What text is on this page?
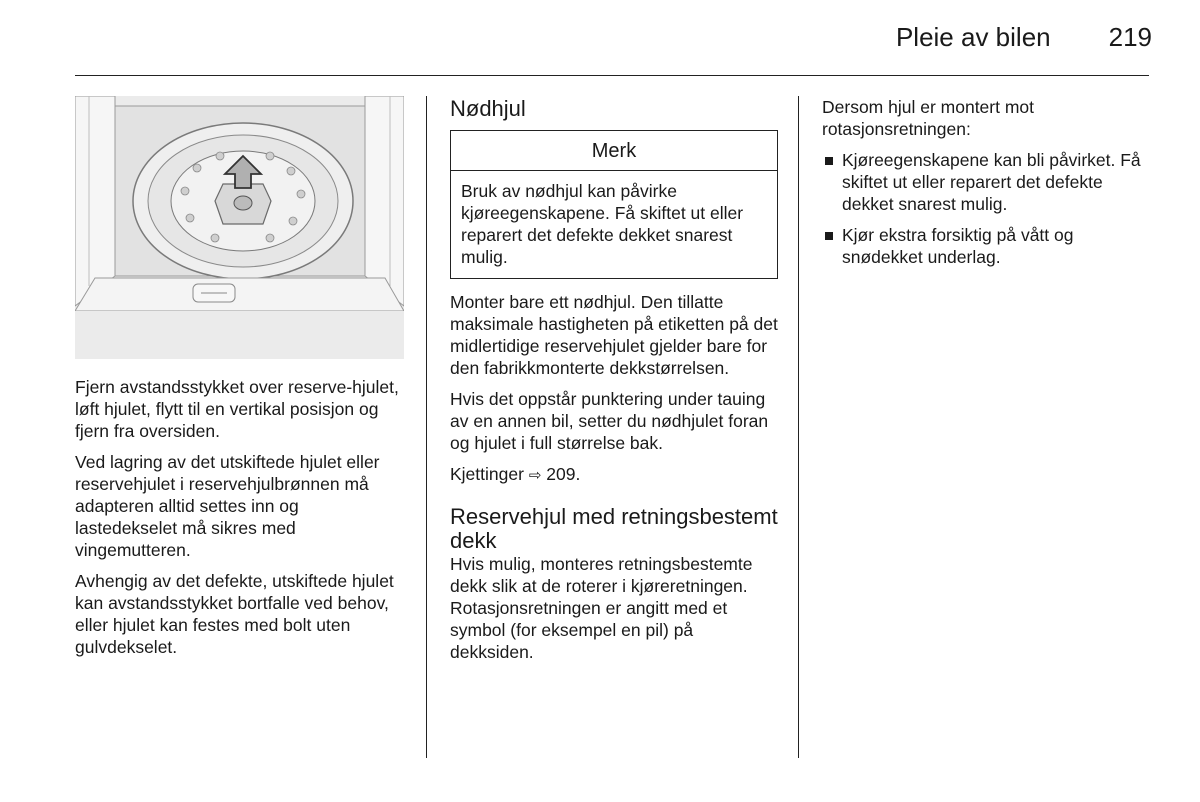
Pleie av bilen 219

Fjern avstandsstykket over reserve-hjulet, løft hjulet, flytt til en vertikal posisjon og fjern fra oversiden.

Ved lagring av det utskiftede hjulet eller reservehjulet i reservehjulbrønnen må adapteren alltid settes inn og lastedekselet må sikres med vingemutteren.

Avhengig av det defekte, utskiftede hjulet kan avstandsstykket bortfalle ved behov, eller hjulet kan festes med bolt uten gulvdekselet.

Nødhjul
Merk
Bruk av nødhjul kan påvirke kjøreegenskapene. Få skiftet ut eller reparert det defekte dekket snarest mulig.

Monter bare ett nødhjul. Den tillatte maksimale hastigheten på etiketten på det midlertidige reservehjulet gjelder bare for den fabrikkmonterte dekkstørrelsen.

Hvis det oppstår punktering under tauing av en annen bil, setter du nødhjulet foran og hjulet i full størrelse bak.

Kjettinger ⇨ 209.

Reservehjul med retningsbestemt dekk

Hvis mulig, monteres retningsbestemte dekk slik at de roterer i kjøreretningen. Rotasjonsretningen er angitt med et symbol (for eksempel en pil) på dekksiden.

Dersom hjul er montert mot rotasjonsretningen:

Kjøreegenskapene kan bli påvirket. Få skiftet ut eller reparert det defekte dekket snarest mulig.
Kjør ekstra forsiktig på vått og snødekket underlag.
